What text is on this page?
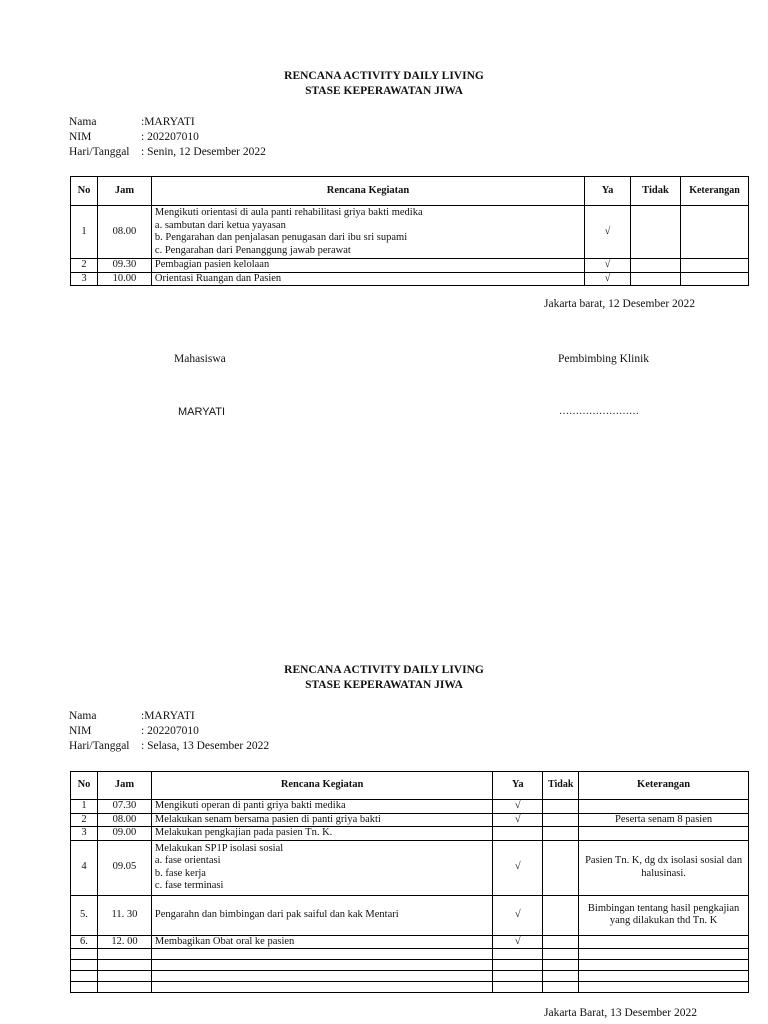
RENCANA ACTIVITY DAILY LIVING
STASE KEPERAWATAN JIWA
Nama	:MARYATI
NIM	: 202207010
Hari/Tanggal : Senin, 12 Desember 2022
No	Jam	Rencana Kegiatan	Ya	Tidak	Keterangan
1	08.00	Mengikuti orientasi di aula panti rehabilitasi griya bakti medika
a. sambutan dari ketua yayasan
b. Pengarahan dan penjalasan penugasan dari ibu sri supami
c. Pengarahan dari Penanggung jawab perawat	√		
2	09.30	Pembagian pasien kelolaan	√		
3	10.00	Orientasi Ruangan dan Pasien	√		
Jakarta barat, 12 Desember 2022
Mahasiswa	Pembimbing Klinik
MARYATI	……………………
RENCANA ACTIVITY DAILY LIVING
STASE KEPERAWATAN JIWA
Nama	:MARYATI
NIM	: 202207010
Hari/Tanggal : Selasa, 13 Desember 2022
No	Jam	Rencana Kegiatan	Ya	Tidak	Keterangan
1	07.30	Mengikuti operan di panti griya bakti medika	√		
2	08.00	Melakukan senam bersama pasien di panti griya bakti	√		Peserta senam 8 pasien
3	09.00	Melakukan pengkajian pada pasien Tn. K.			
4	09.05	Melakukan SP1P isolasi sosial
a. fase orientasi
b. fase kerja
c. fase terminasi	√		Pasien Tn. K, dg dx isolasi sosial dan halusinasi.
5.	11. 30	Pengarahn dan bimbingan dari pak saiful dan kak Mentari	√		Bimbingan tentang hasil pengkajian yang dilakukan thd Tn. K
6.	12. 00	Membagikan Obat oral ke pasien	√		

Jakarta Barat, 13 Desember 2022
